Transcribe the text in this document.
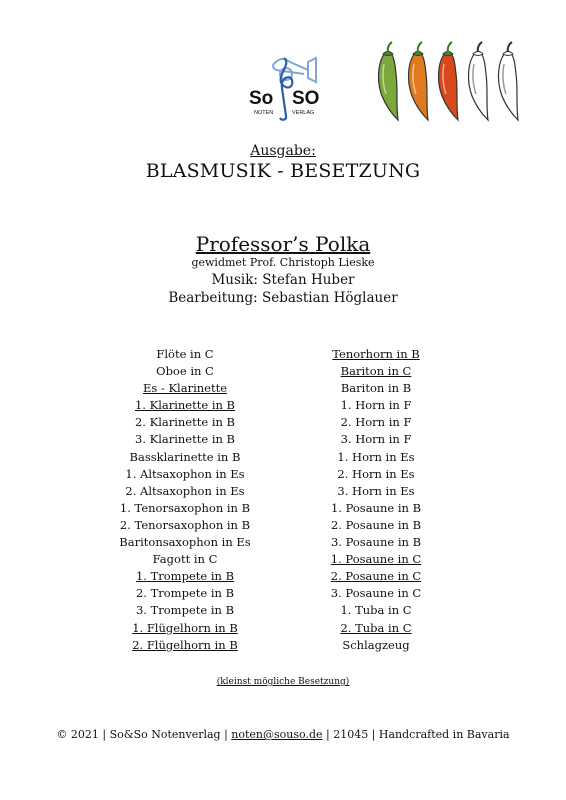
So SO
NOTEN	VERLAG
Ausgabe:
BLASMUSIK - BESETZUNG
Professor’s Polka
gewidmet Prof. Christoph Lieske
Musik: Stefan Huber
Bearbeitung: Sebastian Höglauer
Flöte in C
Oboe in C
Es - Klarinette
1. Klarinette in B
2. Klarinette in B
3. Klarinette in B
Bassklarinette in B
1. Altsaxophon in Es
2. Altsaxophon in Es
1. Tenorsaxophon in B
2. Tenorsaxophon in B
Baritonsaxophon in Es
Fagott in C
1. Trompete in B
2. Trompete in B
3. Trompete in B
1. Flügelhorn in B
2. Flügelhorn in B
Tenorhorn in B
Bariton in C
Bariton in B
1. Horn in F
2. Horn in F
3. Horn in F
1. Horn in Es
2. Horn in Es
3. Horn in Es
1. Posaune in B
2. Posaune in B
3. Posaune in B
1. Posaune in C
2. Posaune in C
3. Posaune in C
1. Tuba in C
2. Tuba in C
Schlagzeug
(kleinst mögliche Besetzung)
© 2021 | So&So Notenverlag | noten@souso.de | 21045 | Handcrafted in Bavaria
